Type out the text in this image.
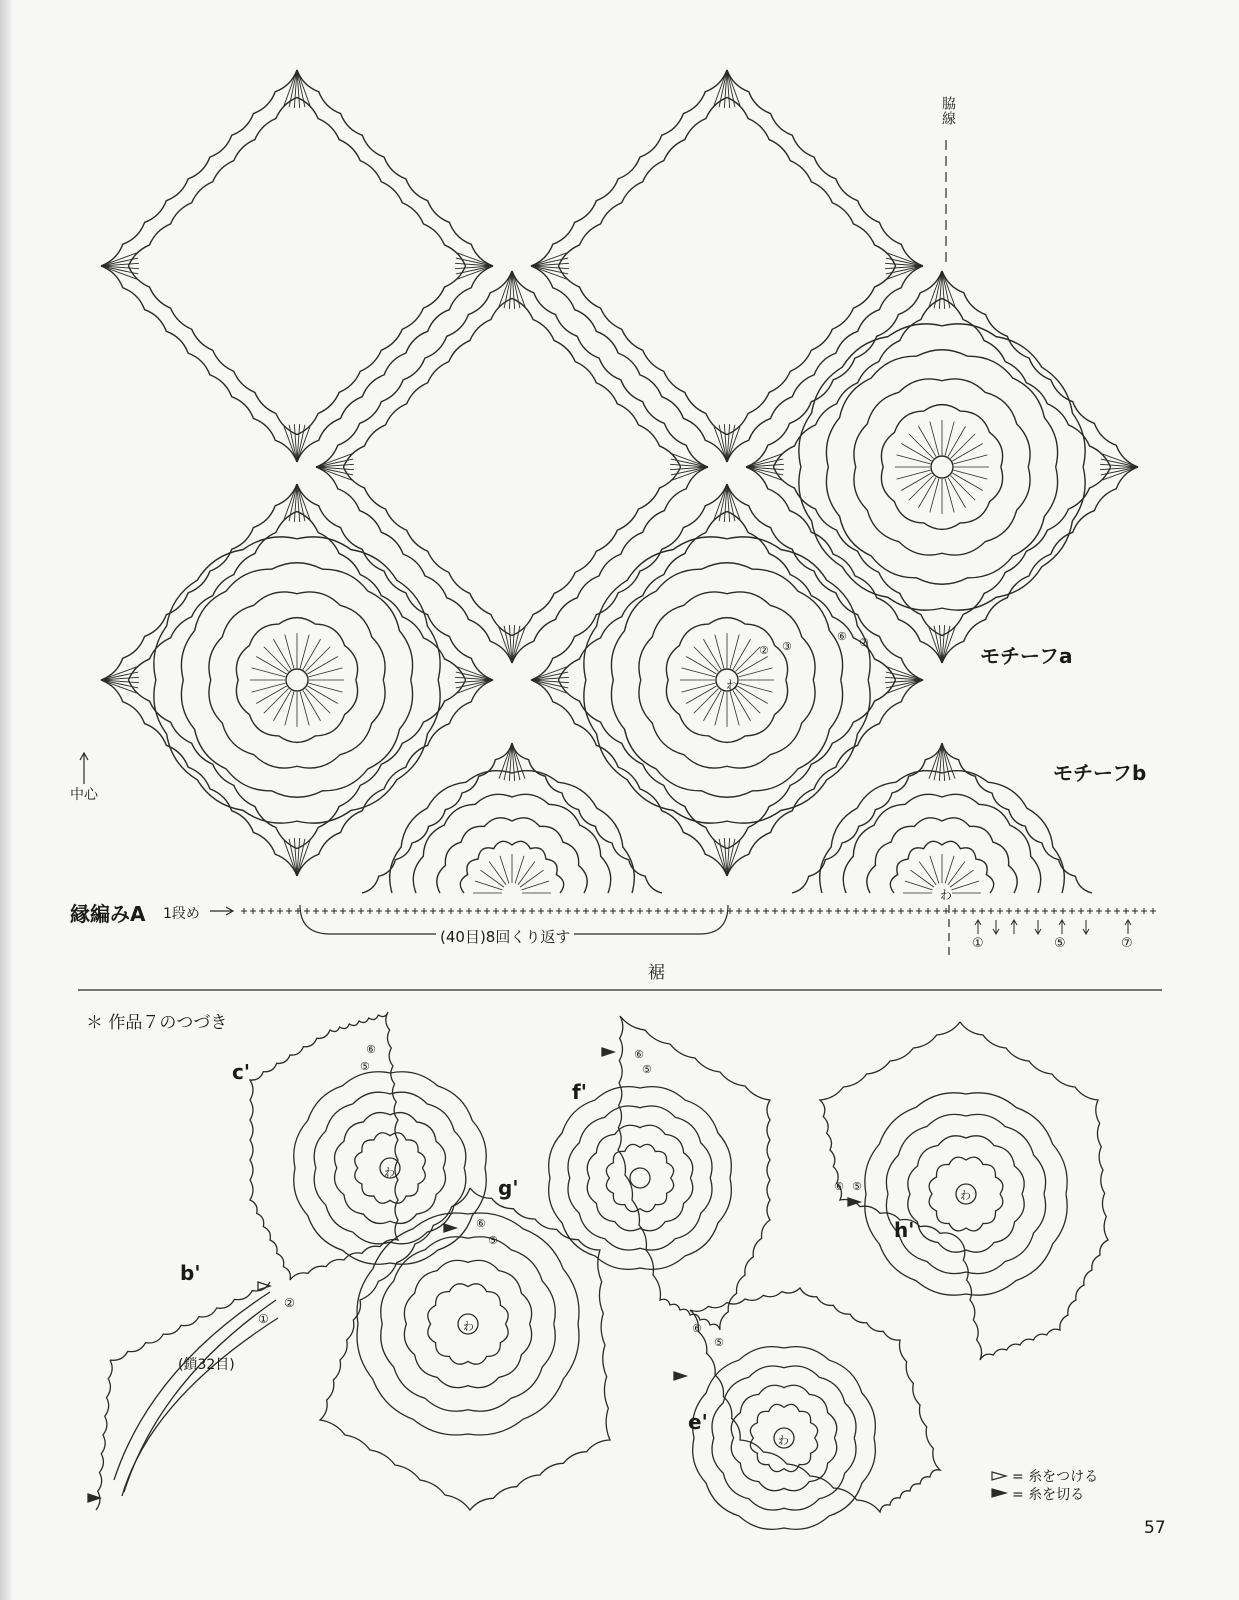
脇線
モチーフa
モチーフb
中心
縁編みA 1段め
(40目)8回くり返す
裾
①	⑤	⑦
② ③
⑥ ⑦
わ
わ
＊ 作品７のつづき
c'
b'
g'
f'
e'
h'
(鎖32目)
①
②
⑤
⑥
⑤
⑥
⑤
⑥
⑤
⑥
⑤
⑥
わ
わ
わ
わ
= 糸をつける
= 糸を切る
57
